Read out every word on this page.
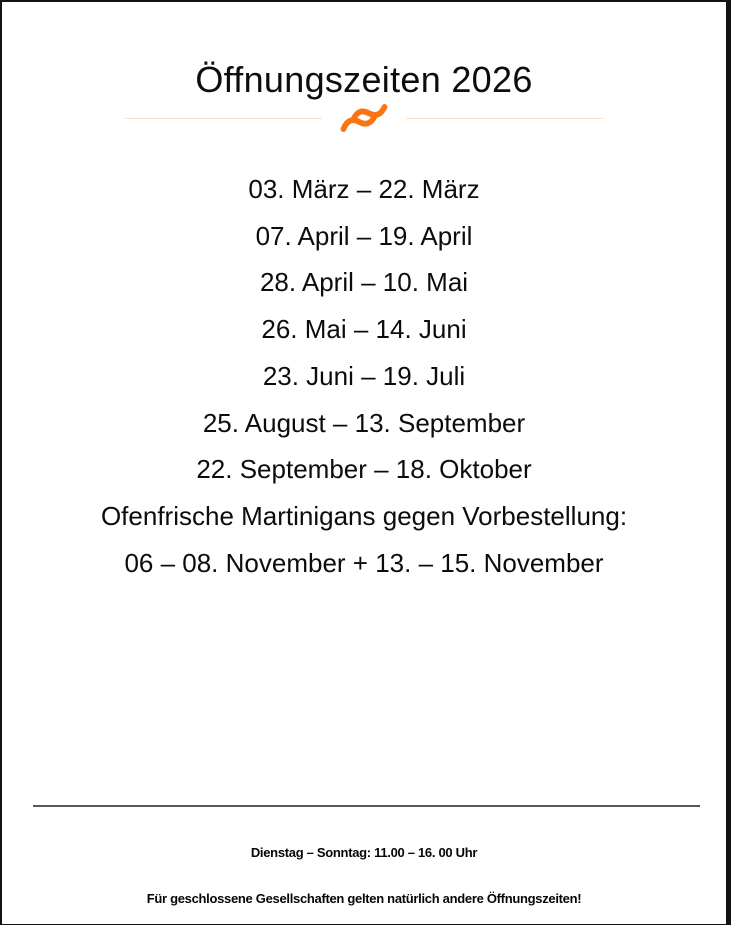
Öffnungszeiten 2026
03. März – 22. März
07. April – 19. April
28. April – 10. Mai
26. Mai – 14. Juni
23. Juni – 19. Juli
25. August – 13. September
22. September – 18. Oktober
Ofenfrische Martinigans gegen Vorbestellung:
06 – 08. November + 13. – 15. November
Dienstag – Sonntag: 11.00 – 16. 00 Uhr
Für geschlossene Gesellschaften gelten natürlich andere Öffnungszeiten!
